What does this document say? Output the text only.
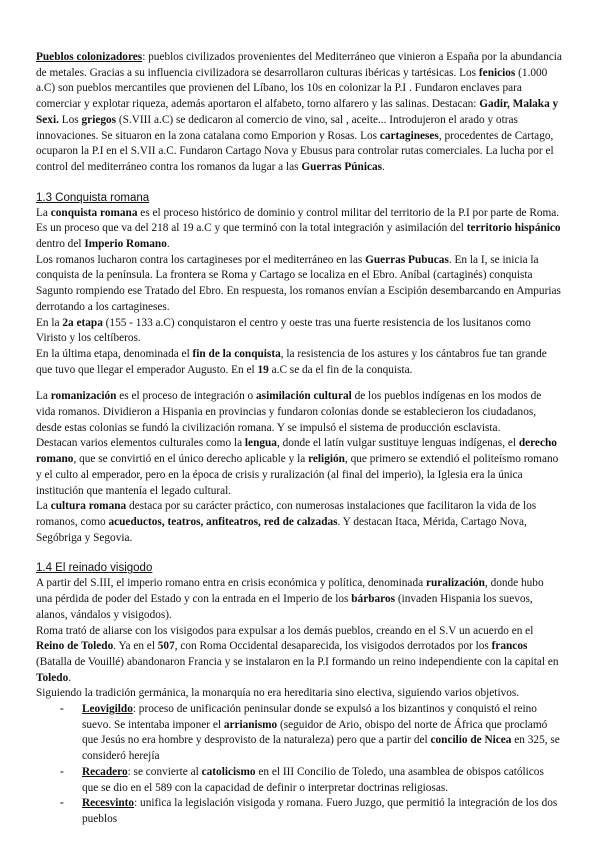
Pueblos colonizadores: pueblos civilizados provenientes del Mediterráneo que vinieron a España por la abundancia de metales. Gracias a su influencia civilizadora se desarrollaron culturas ibéricas y tartésicas. Los fenicios (1.000 a.C) son pueblos mercantiles que provienen del Líbano, los 10s en colonizar la P.I . Fundaron enclaves para comerciar y explotar riqueza, además aportaron el alfabeto, torno alfarero y las salinas. Destacan: Gadir, Malaka y Sexi. Los griegos (S.VIII a.C) se dedicaron al comercio de vino, sal , aceite... Introdujeron el arado y otras innovaciones. Se situaron en la zona catalana como Emporion y Rosas. Los cartagineses, procedentes de Cartago, ocuparon la P.I en el S.VII a.C. Fundaron Cartago Nova y Ebusus para controlar rutas comerciales. La lucha por el control del mediterráneo contra los romanos da lugar a las Guerras Púnicas.

1.3 Conquista romana

La conquista romana es el proceso histórico de dominio y control militar del territorio de la P.I por parte de Roma. Es un proceso que va del 218 al 19 a.C y que terminó con la total integración y asimilación del territorio hispánico dentro del Imperio Romano.

Los romanos lucharon contra los cartagineses por el mediterráneo en las Guerras Pubucas. En la I, se inicia la conquista de la península. La frontera se Roma y Cartago se localiza en el Ebro. Aníbal (cartaginés) conquista Sagunto rompiendo ese Tratado del Ebro. En respuesta, los romanos envían a Escipión desembarcando en Ampurias derrotando a los cartagineses.

En la 2a etapa (155 - 133 a.C) conquistaron el centro y oeste tras una fuerte resistencia de los lusitanos como Viristo y los celtíberos.

En la última etapa, denominada el fin de la conquista, la resistencia de los astures y los cántabros fue tan grande que tuvo que llegar el emperador Augusto. En el 19 a.C se da el fin de la conquista.

La romanización es el proceso de integración o asimilación cultural de los pueblos indígenas en los modos de vida romanos. Dividieron a Hispania en provincias y fundaron colonias donde se establecieron los ciudadanos, desde estas colonias se fundó la civilización romana. Y se impulsó el sistema de producción esclavista.

Destacan varios elementos culturales como la lengua, donde el latín vulgar sustituye lenguas indígenas, el derecho romano, que se convirtió en el único derecho aplicable y la religión, que primero se extendió el politeísmo romano y el culto al emperador, pero en la época de crisis y ruralización (al final del imperio), la Iglesia era la única institución que mantenía el legado cultural.

La cultura romana destaca por su carácter práctico, con numerosas instalaciones que facilitaron la vida de los romanos, como acueductos, teatros, anfiteatros, red de calzadas. Y destacan Itaca, Mérida, Cartago Nova, Segóbriga y Segovia.

1.4 El reinado visigodo

A partir del S.III, el imperio romano entra en crisis económica y política, denominada ruralización, donde hubo una pérdida de poder del Estado y con la entrada en el Imperio de los bárbaros (invaden Hispania los suevos, alanos, vándalos y visigodos).

Roma trató de aliarse con los visigodos para expulsar a los demás pueblos, creando en el S.V un acuerdo en el Reino de Toledo. Ya en el 507, con Roma Occidental desaparecida, los visigodos derrotados por los francos (Batalla de Vouillé) abandonaron Francia y se instalaron en la P.I formando un reino independiente con la capital en Toledo.

Siguiendo la tradición germánica, la monarquía no era hereditaria sino electiva, siguiendo varios objetivos.

- Leovigildo: proceso de unificación peninsular donde se expulsó a los bizantinos y conquistó el reino suevo. Se intentaba imponer el arrianismo (seguidor de Ario, obispo del norte de África que proclamó que Jesús no era hombre y desprovisto de la naturaleza) pero que a partir del concilio de Nicea en 325, se consideró herejía
- Recadero: se convierte al catolicismo en el III Concilio de Toledo, una asamblea de obispos católicos que se dio en el 589 con la capacidad de definir o interpretar doctrinas religiosas.
- Recesvinto: unifica la legislación visigoda y romana. Fuero Juzgo, que permitió la integración de los dos pueblos
